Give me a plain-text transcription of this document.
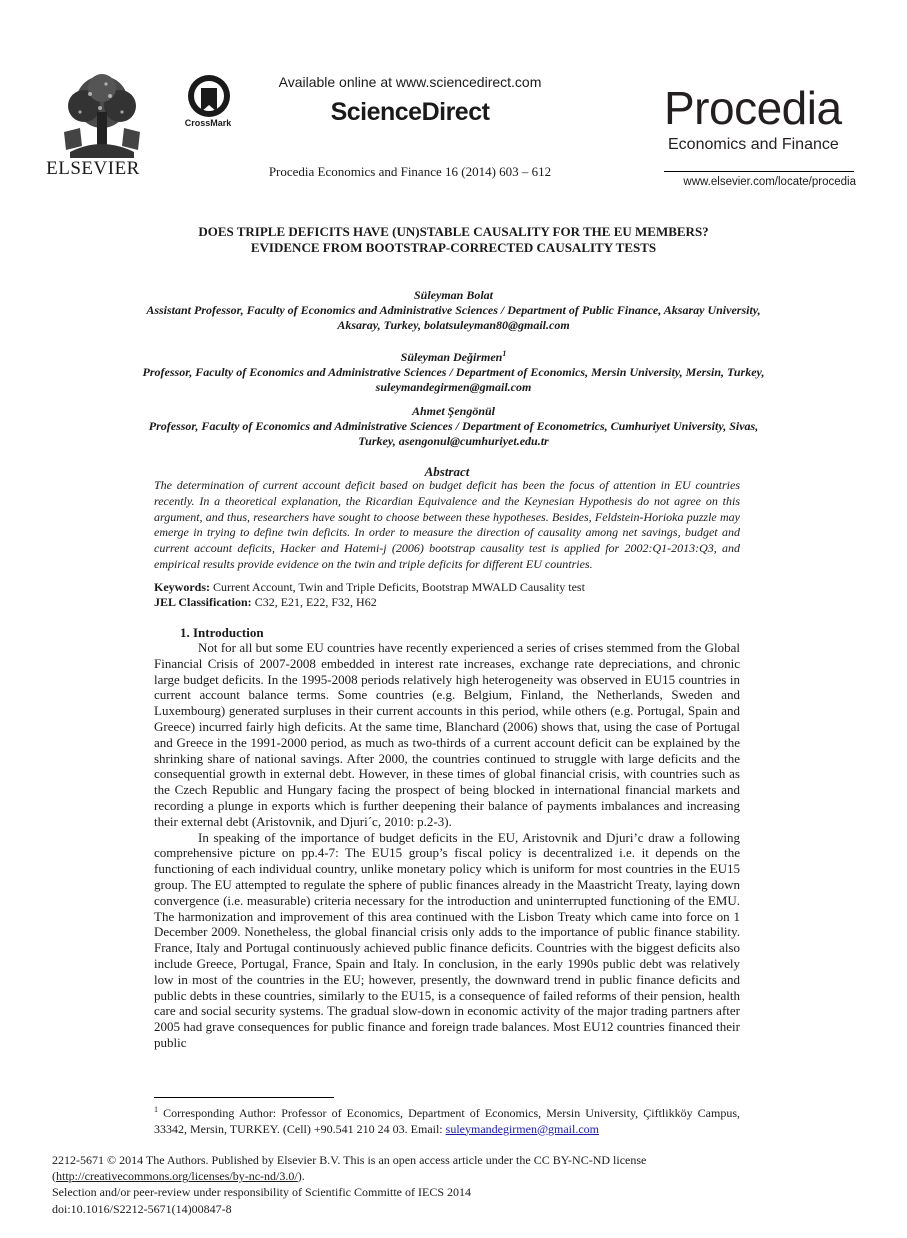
ELSEVIER
CrossMark
Available online at www.sciencedirect.com
ScienceDirect
Procedia Economics and Finance 16 (2014) 603 – 612
Procedia
Economics and Finance
www.elsevier.com/locate/procedia
DOES TRIPLE DEFICITS HAVE (UN)STABLE CAUSALITY FOR THE EU MEMBERS?
EVIDENCE FROM BOOTSTRAP-CORRECTED CAUSALITY TESTS
Süleyman Bolat
Assistant Professor, Faculty of Economics and Administrative Sciences / Department of Public Finance, Aksaray University, Aksaray, Turkey, bolatsuleyman80@gmail.com
Süleyman Değirmen$^1$
Professor, Faculty of Economics and Administrative Sciences / Department of Economics, Mersin University, Mersin, Turkey, suleymandegirmen@gmail.com
Ahmet Şengönül
Professor, Faculty of Economics and Administrative Sciences / Department of Econometrics, Cumhuriyet University, Sivas, Turkey, asengonul@cumhuriyet.edu.tr
Abstract
The determination of current account deficit based on budget deficit has been the focus of attention in EU countries recently. In a theoretical explanation, the Ricardian Equivalence and the Keynesian Hypothesis do not agree on this argument, and thus, researchers have sought to choose between these hypotheses. Besides, Feldstein-Horioka puzzle may emerge in trying to define twin deficits. In order to measure the direction of causality among net savings, budget and current account deficits, Hacker and Hatemi-j (2006) bootstrap causality test is applied for 2002:Q1-2013:Q3, and empirical results provide evidence on the twin and triple deficits for different EU countries.
Keywords: Current Account, Twin and Triple Deficits, Bootstrap MWALD Causality test
JEL Classification: C32, E21, E22, F32, H62
1. Introduction

Not for all but some EU countries have recently experienced a series of crises stemmed from the Global Financial Crisis of 2007-2008 embedded in interest rate increases, exchange rate depreciations, and chronic large budget deficits. In the 1995-2008 periods relatively high heterogeneity was observed in EU15 countries in current account balance terms. Some countries (e.g. Belgium, Finland, the Netherlands, Sweden and Luxembourg) generated surpluses in their current accounts in this period, while others (e.g. Portugal, Spain and Greece) incurred fairly high deficits. At the same time, Blanchard (2006) shows that, using the case of Portugal and Greece in the 1991-2000 period, as much as two-thirds of a current account deficit can be explained by the shrinking share of national savings. After 2000, the countries continued to struggle with large deficits and the consequential growth in external debt. However, in these times of global financial crisis, with countries such as the Czech Republic and Hungary facing the prospect of being blocked in international financial markets and recording a plunge in exports which is further deepening their balance of payments imbalances and increasing their external debt (Aristovnik, and Djuri´c, 2010: p.2-3).

In speaking of the importance of budget deficits in the EU, Aristovnik and Djuri’c draw a following comprehensive picture on pp.4-7: The EU15 group’s fiscal policy is decentralized i.e. it depends on the functioning of each individual country, unlike monetary policy which is uniform for most countries in the EU15 group. The EU attempted to regulate the sphere of public finances already in the Maastricht Treaty, laying down convergence (i.e. measurable) criteria necessary for the introduction and uninterrupted functioning of the EMU. The harmonization and improvement of this area continued with the Lisbon Treaty which came into force on 1 December 2009. Nonetheless, the global financial crisis only adds to the importance of public finance stability. France, Italy and Portugal continuously achieved public finance deficits. Countries with the biggest deficits also include Greece, Portugal, France, Spain and Italy. In conclusion, in the early 1990s public debt was relatively low in most of the countries in the EU; however, presently, the downward trend in public finance deficits and public debts in these countries, similarly to the EU15, is a consequence of failed reforms of their pension, health care and social security systems. The gradual slow-down in economic activity of the major trading partners after 2005 had grave consequences for public finance and foreign trade balances. Most EU12 countries financed their public

$^1$ Corresponding Author: Professor of Economics, Department of Economics, Mersin University, Çiftlikköy Campus, 33342, Mersin, TURKEY. (Cell) +90.541 210 24 03. Email: suleymandegirmen@gmail.com
2212-5671 © 2014 The Authors. Published by Elsevier B.V. This is an open access article under the CC BY-NC-ND license
(http://creativecommons.org/licenses/by-nc-nd/3.0/).
Selection and/or peer-review under responsibility of Scientific Committe of IECS 2014
doi:10.1016/S2212-5671(14)00847-8
